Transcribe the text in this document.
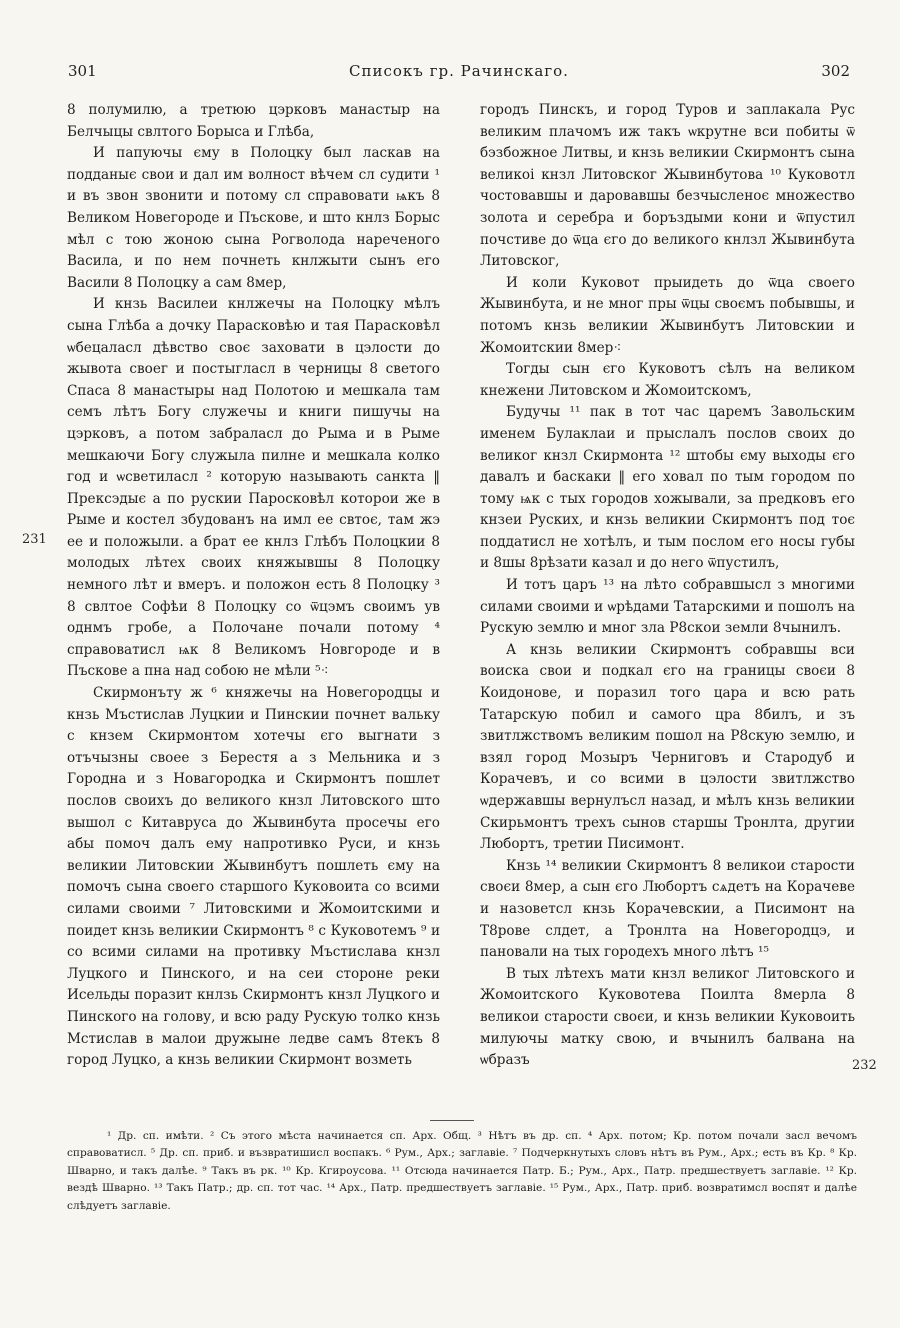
301	Списокъ гр. Рачинскаго.	302

8 полумилю, а третюю цэрковъ манастыр на Белчыцы свлтого Борыса и Глѣба,

И папуючы єму в Полоцку был ласкав на подданыє свои и дал им волност вѣчем сл судити ¹ и въ звон звонити и потому сл справовати ѩкъ 8 Великом Новегороде и Пъскове, и што кнлз Борыс мѣл с тою жоною сына Рогволода нареченого Васила, и по нем почнеть кнлжыти сынъ его Васили 8 Полоцку а сам 8мер,

И кнзь Василеи кнлжечы на Полоцку мѣлъ сына Глѣба а дочку Парасковѣю и тая Парасковѣл ѡбецаласл дѣвство своє заховати в цэлости до жывота своег и постыгласл в черницы 8 светого Спаса 8 манастыры над Полотою и мешкала там семъ лѣтъ Богу служечы и книги пишучы на цэрковъ, а потом забраласл до Рыма и в Рыме мешкаючи Богу служыла пилне и мешкала колко год и ѡсветиласл ² которую называють санкта ‖ Прексэдыє а по рускии Паросковѣл которои же в Рыме и костел збудованъ на имл ее свтоє, там жэ ее и положыли. а брат ее кнлз Глѣбъ Полоцкии 8 молодых лѣтех своих княжывшы 8 Полоцку немного лѣт и вмеръ. и положон есть 8 Полоцку ³ 8 свлтое Софѣи 8 Полоцку со ѿцэмъ своимъ ув однмъ гробе, а Полочане почали потому ⁴ справоватисл ѩк 8 Великомъ Новгороде и в Пъскове а пна над собою не мѣли ⁵⁖

Скирмонъту ж ⁶ княжечы на Новегородцы и кнзь Мъстислав Луцкии и Пинскии почнет вальку с кнзем Скирмонтом хотечы єго выгнати з отъчызны своее з Берестя а з Мельника и з Городна и з Новагородка и Скирмонтъ пошлет послов своихъ до великого кнзл Литовского што вышол с Китавруса до Жывинбута просечы его абы помоч далъ ему напротивко Руси, и кнзь великии Литовскии Жывинбутъ пошлеть єму на помочъ сына своего старшого Куковоита со всими силами своими ⁷ Литовскими и Жомоитскими и поидет кнзь великии Скирмонтъ ⁸ с Куковотемъ ⁹ и со всими силами на противку Мъстислава кнзл Луцкого и Пинского, и на сеи стороне реки Исельды поразит кнлзь Скирмонтъ кнзл Луцкого и Пинского на голову, и всю раду Рускую толко кнзь Мстислав в малои дружыне ледве самъ 8текъ 8 город Луцко, а кнзь великии Скирмонт возметь

городъ Пинскъ, и город Туров и заплакала Рус великим плачомъ иж такъ ѡкрутне вси побиты ѿ бэзбожное Литвы, и кнзь великии Скирмонтъ сына великоі кнзл Литовског Жывинбутова ¹⁰ Куковотл чостовавшы и даровавшы безчыcленоє множество золота и серебра и боръздыми кони и ѿпустил почстиве до ѿца єго до великого кнлзл Жывинбута Литовског,

И коли Куковот прыидеть до ѿца своего Жывинбута, и не мног пры ѿцы своємъ побывшы, и потомъ кнзь великии Жывинбутъ Литовскии и Жомоитскии 8мер⁖

Тогды сын єго Куковотъ сѣлъ на великом кнежени Литовском и Жомоитскомъ,

Будучы ¹¹ пак в тот час царемъ Завольским именем Булаклаи и прыслалъ послов своих до великог кнзл Скирмонта ¹² штобы єму выходы єго давалъ и баскаки ‖ его ховал по тым городом по тому ѩк с тых городов хожывали, за предковъ его кнзеи Руских, и кнзь великии Скирмонтъ под тоє поддатисл не хотѣлъ, и тым послом его носы губы и 8шы 8рѣзати казал и до него ѿпустилъ,

И тотъ царъ ¹³ на лѣто собравшысл з многими силами своими и ѡрѣдами Татарскими и пошолъ на Рускую землю и мног зла Р8скои земли 8чынилъ.

А кнзь великии Скирмонтъ собравшы вси воиска свои и подкал єго на границы своєи 8 Коидонове, и поразил того цара и всю рать Татарскую побил и самого цра 8билъ, и зъ звитлжствомъ великим пошол на Р8скую землю, и взял город Мозыръ Черниговъ и Стародуб и Корачевъ, и со всими в цэлости звитлжство ѡдержавшы вернулъсл назад, и мѣлъ кнзь великии Скирьмонтъ трехъ сынов старшы Тронлта, другии Любортъ, третии Писимонт.

Кнзь ¹⁴ великии Скирмонтъ 8 великои старости своєи 8мер, а сын єго Любортъ сѧдетъ на Корачеве и назоветсл кнзь Корачевскии, а Писимонт на Т8рове слдет, а Тронлта на Новегородцэ, и пановали на тых городехъ много лѣтъ ¹⁵

В тых лѣтехъ мати кнзл великог Литовского и Жомоитского Куковотева Поилта 8мерла 8 великои старости своєи, и кнзь великии Куковоить милуючы матку свою, и вчынилъ балвана на ѡбразъ

231
232

¹ Др. сп. имѣти. ² Съ этого мѣста начинается сп. Арх. Общ. ³ Нѣтъ въ др. сп. ⁴ Арх. потом; Кр. потом почали засл вечомъ справоватисл. ⁵ Др. сп. приб. и възвратишисл воспакъ. ⁶ Рум., Арх.; заглавіе. ⁷ Подчеркнутыхъ словъ нѣтъ въ Рум., Арх.; есть въ Кр. ⁸ Кр. Шварно, и такъ далѣе. ⁹ Такъ въ рк. ¹⁰ Кр. Кгироусова. ¹¹ Отсюда начинается Патр. Б.; Рум., Арх., Патр. предшествуетъ заглавіе. ¹² Кр. вездѣ Шварно. ¹³ Такъ Патр.; др. сп. тот час. ¹⁴ Арх., Патр. предшествуетъ заглавіе. ¹⁵ Рум., Арх., Патр. приб. возвратимсл воспят и далѣе слѣдуетъ заглавіе.
